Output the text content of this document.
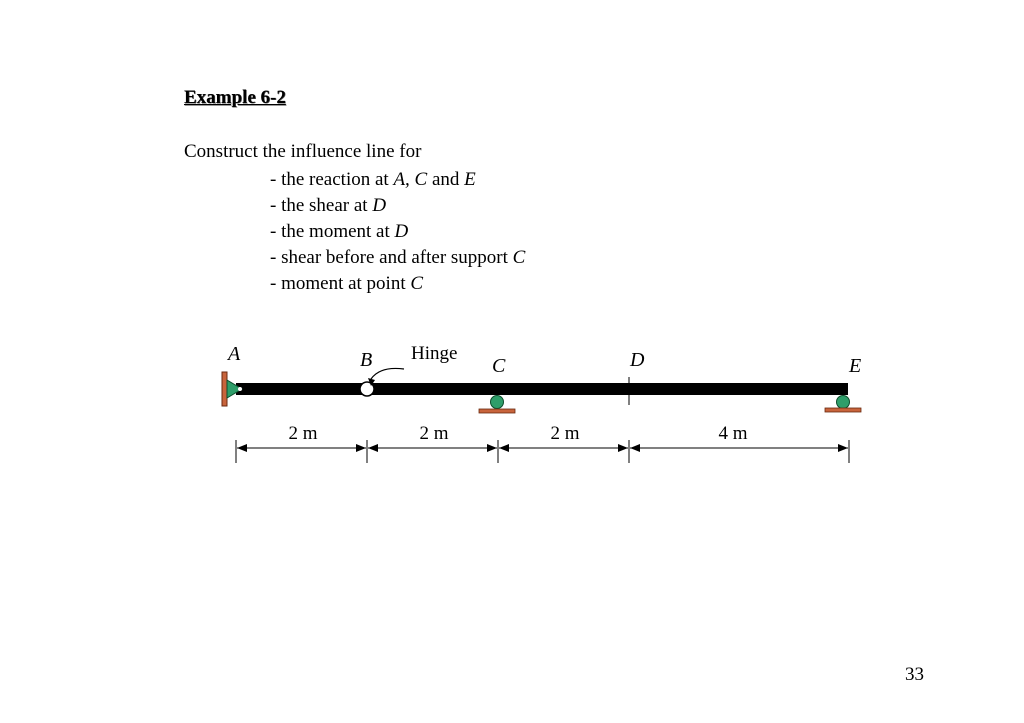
Example 6-2
Construct the influence line for
- the reaction at A, C and E
- the shear at D
- the moment at D
- shear before and after support C
- moment at point C
A	B	C	D	E
Hinge
2 m	2 m	2 m	4 m
33
